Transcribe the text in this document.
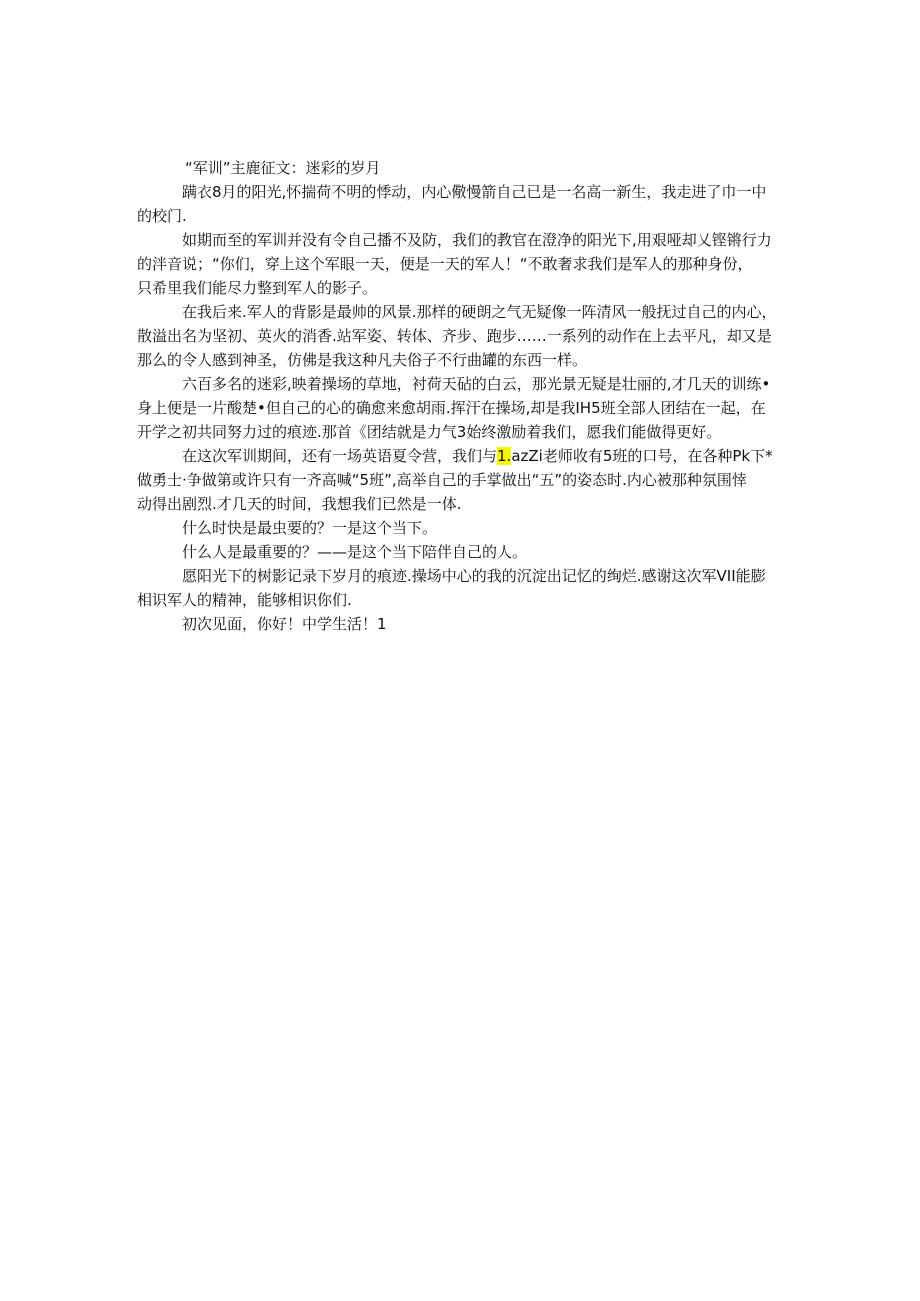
“军训”主鹿征文：迷彩的岁月
蹒衣8月的阳光,怀揣荷不明的悸动，内心儆慢箭自己已是一名高一新生，我走进了巾一中
的校门.
如期而至的军训并没有令自己播不及防，我们的教官在澄净的阳光下,用艰哑却乂铿锵行力
的泮音说；“你们，穿上这个军眼一天，便是一天的军人！“不敢奢求我们是军人的那种身份，
只希里我们能尽力整到军人的影子。
在我后来.军人的背影是最帅的风景.那样的硬朗之气无疑像一阵清风一般抚过自己的内心，
散溢出名为坚初、英火的消香.站军姿、转体、齐步、跑步……一系列的动作在上去平凡，却又是
那么的令人感到神圣，仿佛是我这种凡夫俗子不行曲罐的东西一样。
六百多名的迷彩,映着操场的草地，衬荷天砧的白云，那光景无疑是壮丽的,才几天的训练•
身上便是一片酸楚•但自己的心的确愈来愈胡雨.挥汗在操场,却是我IH5班全部人团结在一起，在
开学之初共同努力过的痕迹.那首《团结就是力气3始终激励着我们，愿我们能做得更好。
在这次军训期间，还有一场英语夏令营，我们与1.azZi老师收有5班的口号，在各种Pk下*
做勇士·争做第或许只有一齐高喊“5班”,高举自己的手掌做出“五”的姿态时.内心被那种氛围悻
动得出剧烈.才几天的时间，我想我们已然是一体.
什么时快是最虫要的？一是这个当下。
什么人是最重要的？——是这个当下陪伴自己的人。
愿阳光下的树影记录下岁月的痕迹.操场中心的我的沉淀出记忆的绚烂.感谢这次军VII能膨
相识军人的精神，能够相识你们.
初次见面，你好！中学生活！1
